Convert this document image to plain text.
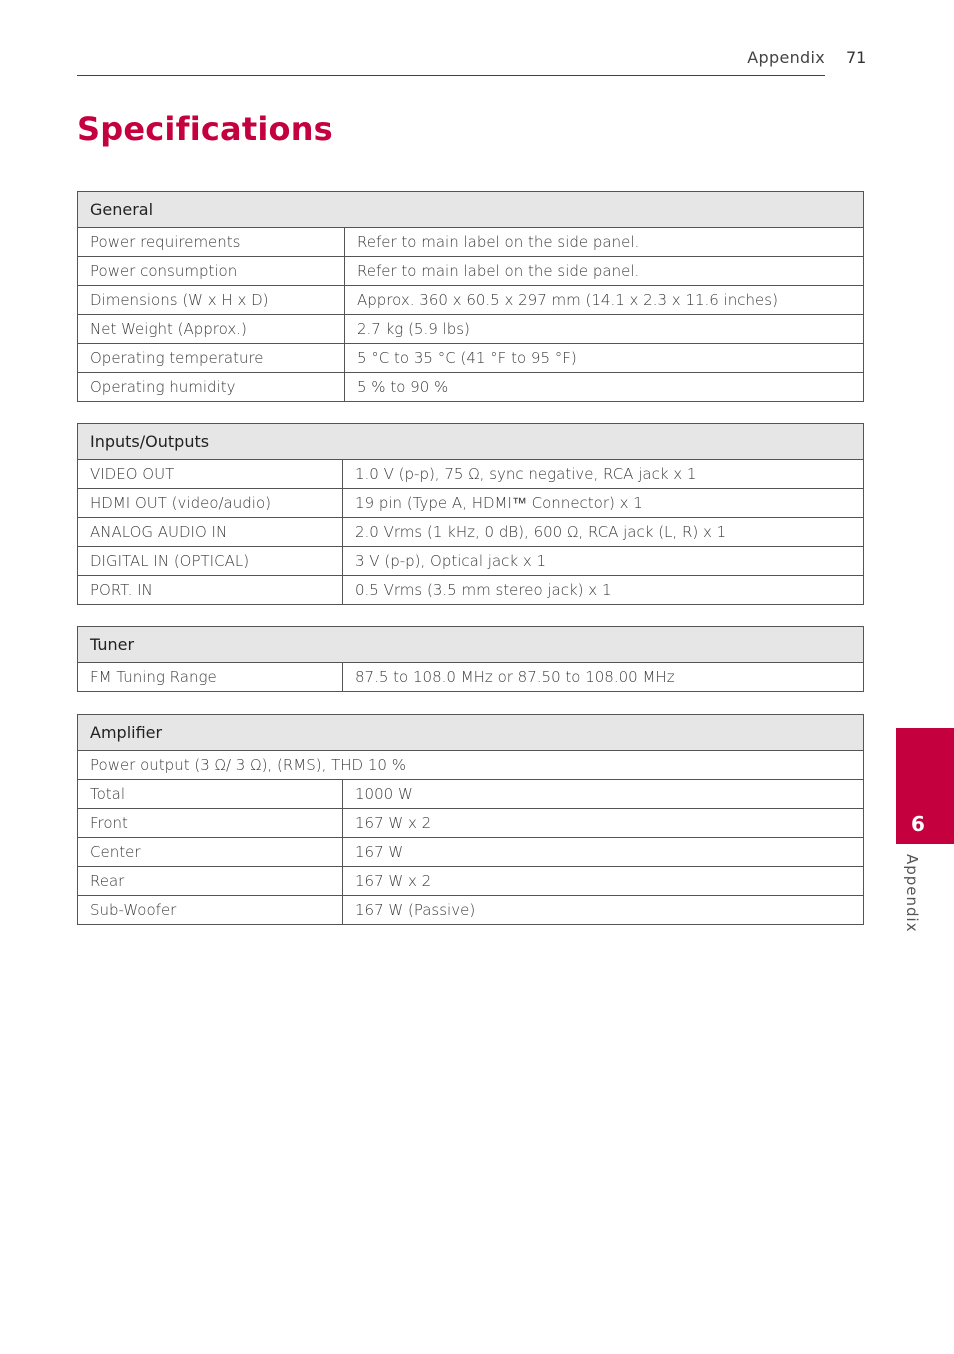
Appendix 71
Specifications
General	
Power requirements	Refer to main label on the side panel.
Power consumption	Refer to main label on the side panel.
Dimensions (W x H x D)	Approx. 360 x 60.5 x 297 mm (14.1 x 2.3 x 11.6 inches)
Net Weight (Approx.)	2.7 kg (5.9 lbs)
Operating temperature	5 °C to 35 °C (41 °F to 95 °F)
Operating humidity	5 % to 90 %
Inputs/Outputs	
VIDEO OUT	1.0 V (p-p), 75 Ω, sync negative, RCA jack x 1
HDMI OUT (video/audio)	19 pin (Type A, HDMI™ Connector) x 1
ANALOG AUDIO IN	2.0 Vrms (1 kHz, 0 dB), 600 Ω, RCA jack (L, R) x 1
DIGITAL IN (OPTICAL)	3 V (p-p), Optical jack x 1
PORT. IN	0.5 Vrms (3.5 mm stereo jack) x 1
Tuner
FM Tuning Range	87.5 to 108.0 MHz or 87.50 to 108.00 MHz
Amplifier	
Power output (3 Ω/ 3 Ω), (RMS), THD 10 %	
Total	1000 W
Front	167 W x 2
Center	167 W
Rear	167 W x 2
Sub-Woofer	167 W (Passive)
6
Appendix
